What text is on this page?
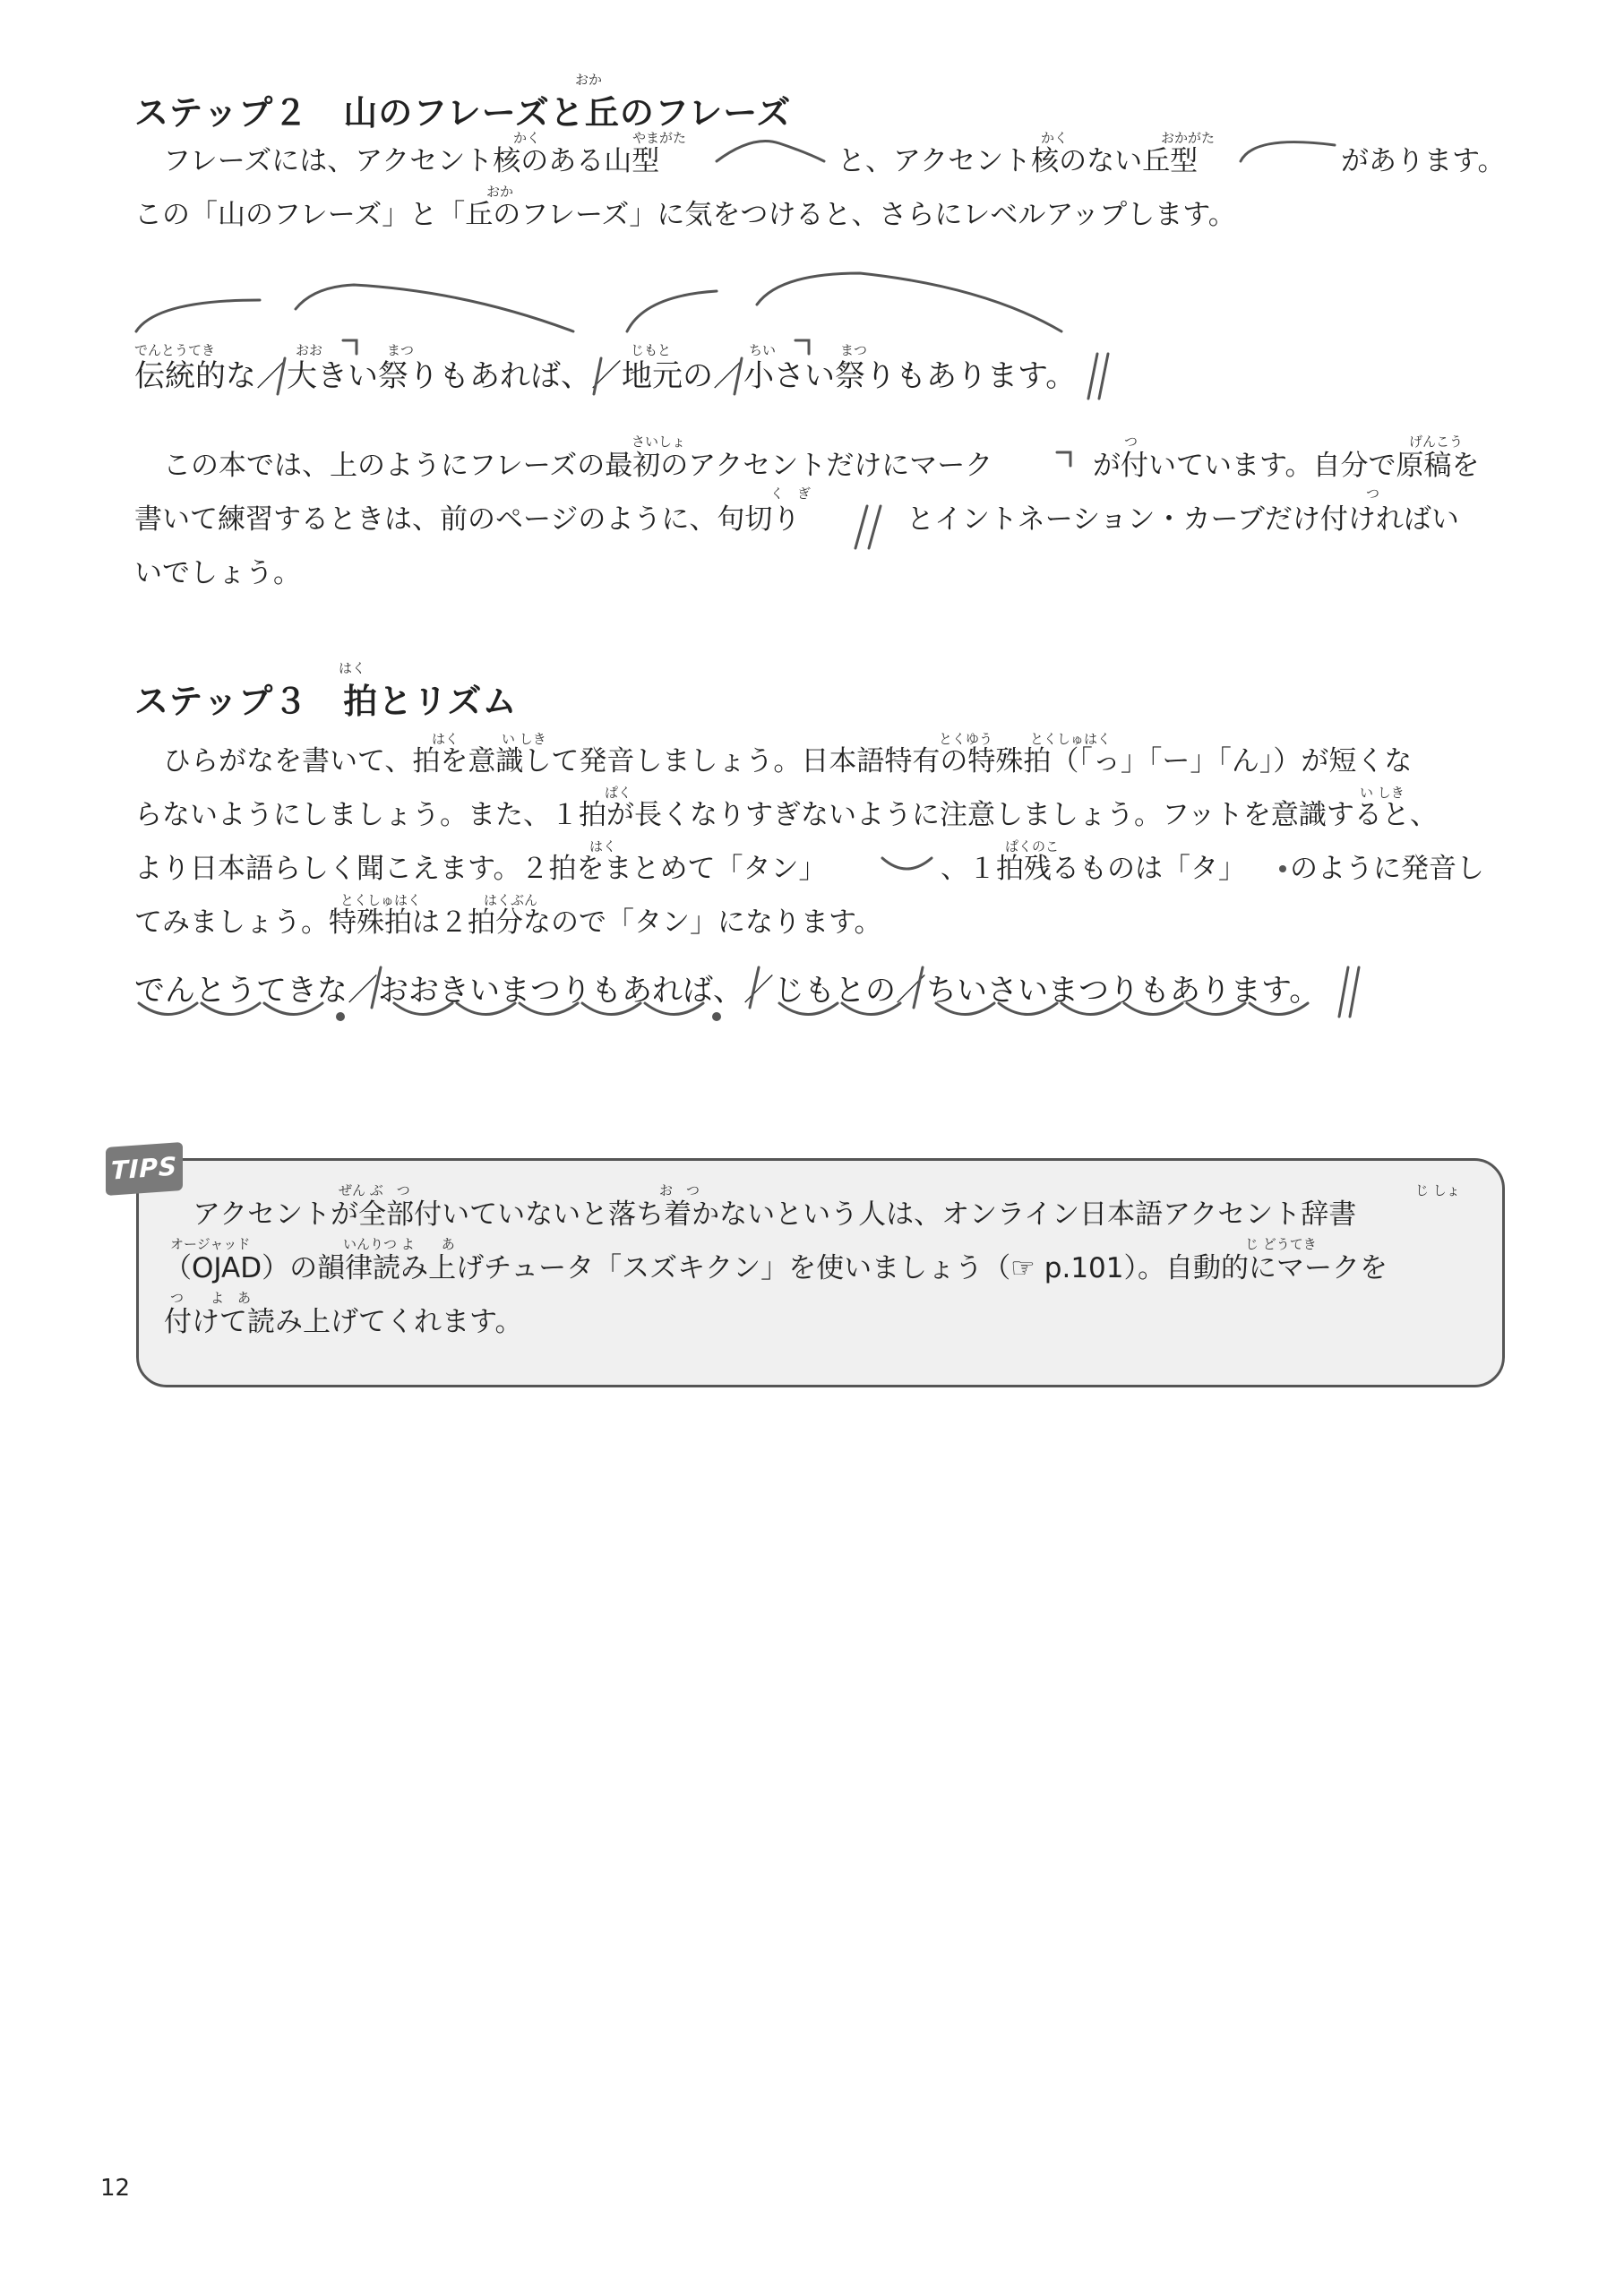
おか
ステップ２　山のフレーズと丘のフレーズ
かく	やまがた	かく	おかがた
フレーズには、アクセント核のある山型	と、アクセント核のない丘型	があります。
おか
この「山のフレーズ」と「丘のフレーズ」に気をつけると、さらにレベルアップします。
でんとうてき	おお	まつ	じもと	ちい	まつ
伝統的な／大きい祭りもあれば、／地元の／小さい祭りもあります。
さいしょ	つ	げんこう
この本では、上のようにフレーズの最初のアクセントだけにマーク	が付いています。自分で原稿を
く　ぎ	つ
書いて練習するときは、前のページのように、句切り	とイントネーション・カーブだけ付ければい
いでしょう。
はく
ステップ３　拍とリズム
はく	い しき	とくゆう	とくしゅはく
ひらがなを書いて、拍を意識して発音しましょう。日本語特有の特殊拍（「っ」「ー」「ん」）が短くな
ぱく	い しき
らないようにしましょう。また、１拍が長くなりすぎないように注意しましょう。フットを意識すると、
はく	ぱくのこ
より日本語らしく聞こえます。２拍をまとめて「タン」	、１拍残るものは「タ」 のように発音し
とくしゅはく	はくぶん
てみましょう。特殊拍は２拍分なので「タン」になります。
でんとうてきな／おおきいまつりもあれば、／じもとの／ちいさいまつりもあります。
TIPS
ぜん ぶ　つ	お　つ	じ しょ
アクセントが全部付いていないと落ち着かないという人は、オンライン日本語アクセント辞書
オージャッド	いんりつ よ　　あ	じ どうてき
（OJAD）の韻律読み上げチュータ「スズキクン」を使いましょう（☞ p.101）。自動的にマークを
つ　　よ　あ
付けて読み上げてくれます。
12
